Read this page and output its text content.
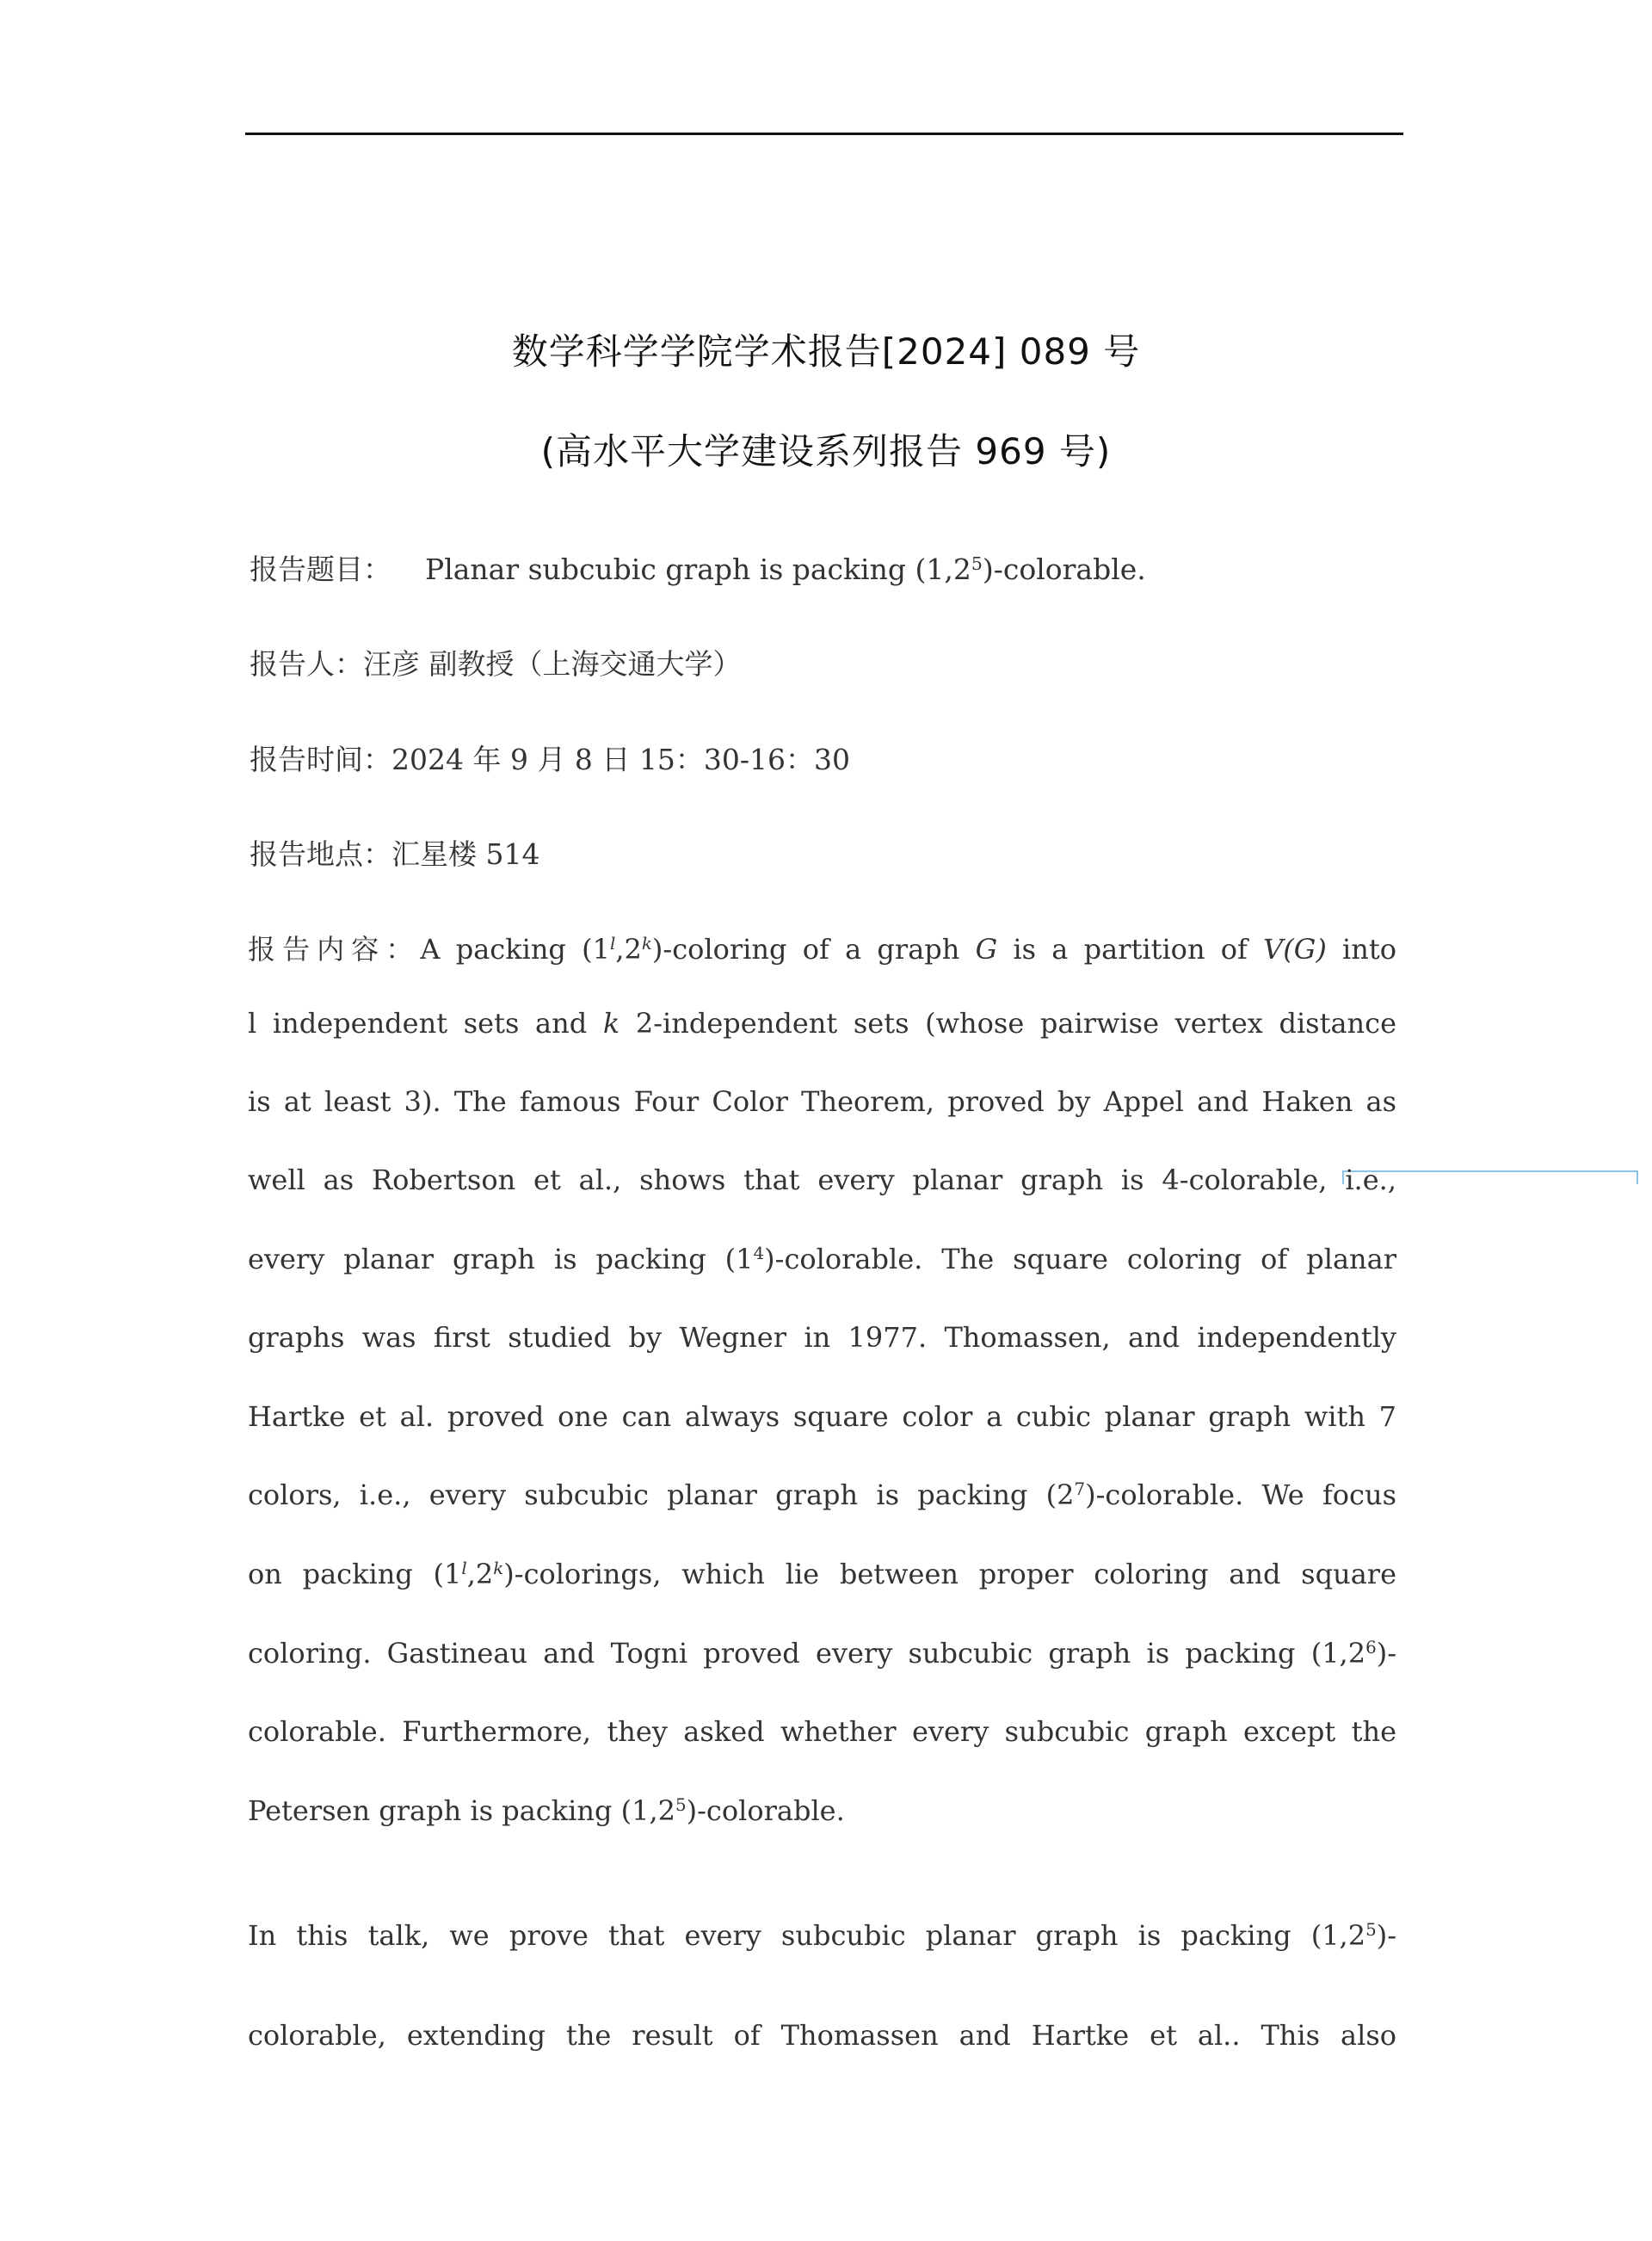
数学科学学院学术报告[2024] 089 号
(高水平大学建设系列报告 969 号)
报告题目： Planar subcubic graph is packing $(1,2^5)$-colorable.
报告人：汪彦 副教授（上海交通大学）
报告时间：2024 年 9 月 8 日 15：30-16：30
报告地点：汇星楼 514
报告内容：A packing (1$^l$,2$^k$)-coloring of a graph G is a partition of V(G) into
l independent sets and k 2-independent sets (whose pairwise vertex distance
is at least 3). The famous Four Color Theorem, proved by Appel and Haken as
well as Robertson et al., shows that every planar graph is 4-colorable, i.e.,
every planar graph is packing $(1^4)$-colorable. The square coloring of planar
graphs was first studied by Wegner in 1977. Thomassen, and independently
Hartke et al. proved one can always square color a cubic planar graph with 7
colors, i.e., every subcubic planar graph is packing $(2^7)$-colorable. We focus
on packing (1$^l$,2$^k$)-colorings, which lie between proper coloring and square
coloring. Gastineau and Togni proved every subcubic graph is packing $(1,2^6)-$
colorable. Furthermore, they asked whether every subcubic graph except the
Petersen graph is packing $(1,2^5)$-colorable.
In this talk, we prove that every subcubic planar graph is packing $(1,2^5)-$
colorable, extending the result of Thomassen and Hartke et al.. This also
